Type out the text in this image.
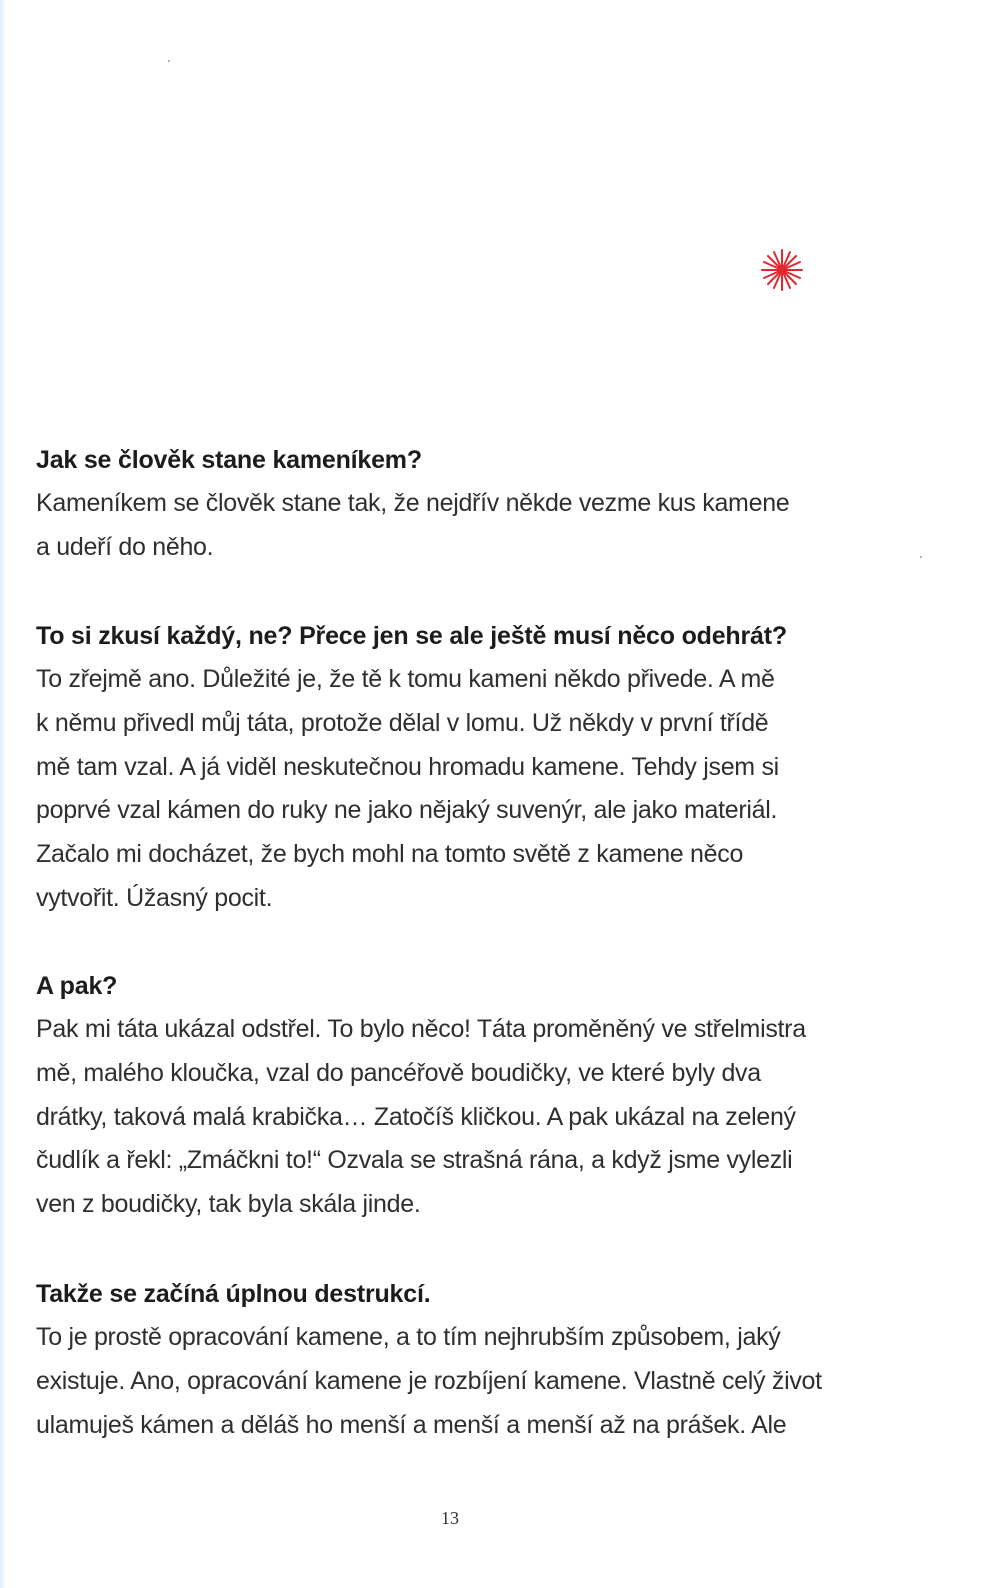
Jak se člověk stane kameníkem?

Kameníkem se člověk stane tak, že nejdřív někde vezme kus kamene

a udeří do něho.

To si zkusí každý, ne? Přece jen se ale ještě musí něco odehrát?

To zřejmě ano. Důležité je, že tě k tomu kameni někdo přivede. A mě

k němu přivedl můj táta, protože dělal v lomu. Už někdy v první třídě

mě tam vzal. A já viděl neskutečnou hromadu kamene. Tehdy jsem si

poprvé vzal kámen do ruky ne jako nějaký suvenýr, ale jako materiál.

Začalo mi docházet, že bych mohl na tomto světě z kamene něco

vytvořit. Úžasný pocit.

A pak?

Pak mi táta ukázal odstřel. To bylo něco! Táta proměněný ve střelmistra

mě, malého kloučka, vzal do pancéřově boudičky, ve které byly dva

drátky, taková malá krabička… Zatočíš kličkou. A pak ukázal na zelený

čudlík a řekl: „Zmáčkni to!“ Ozvala se strašná rána, a když jsme vylezli

ven z boudičky, tak byla skála jinde.

Takže se začíná úplnou destrukcí.

To je prostě opracování kamene, a to tím nejhrubším způsobem, jaký

existuje. Ano, opracování kamene je rozbíjení kamene. Vlastně celý život

ulamuješ kámen a děláš ho menší a menší a menší až na prášek. Ale

13
